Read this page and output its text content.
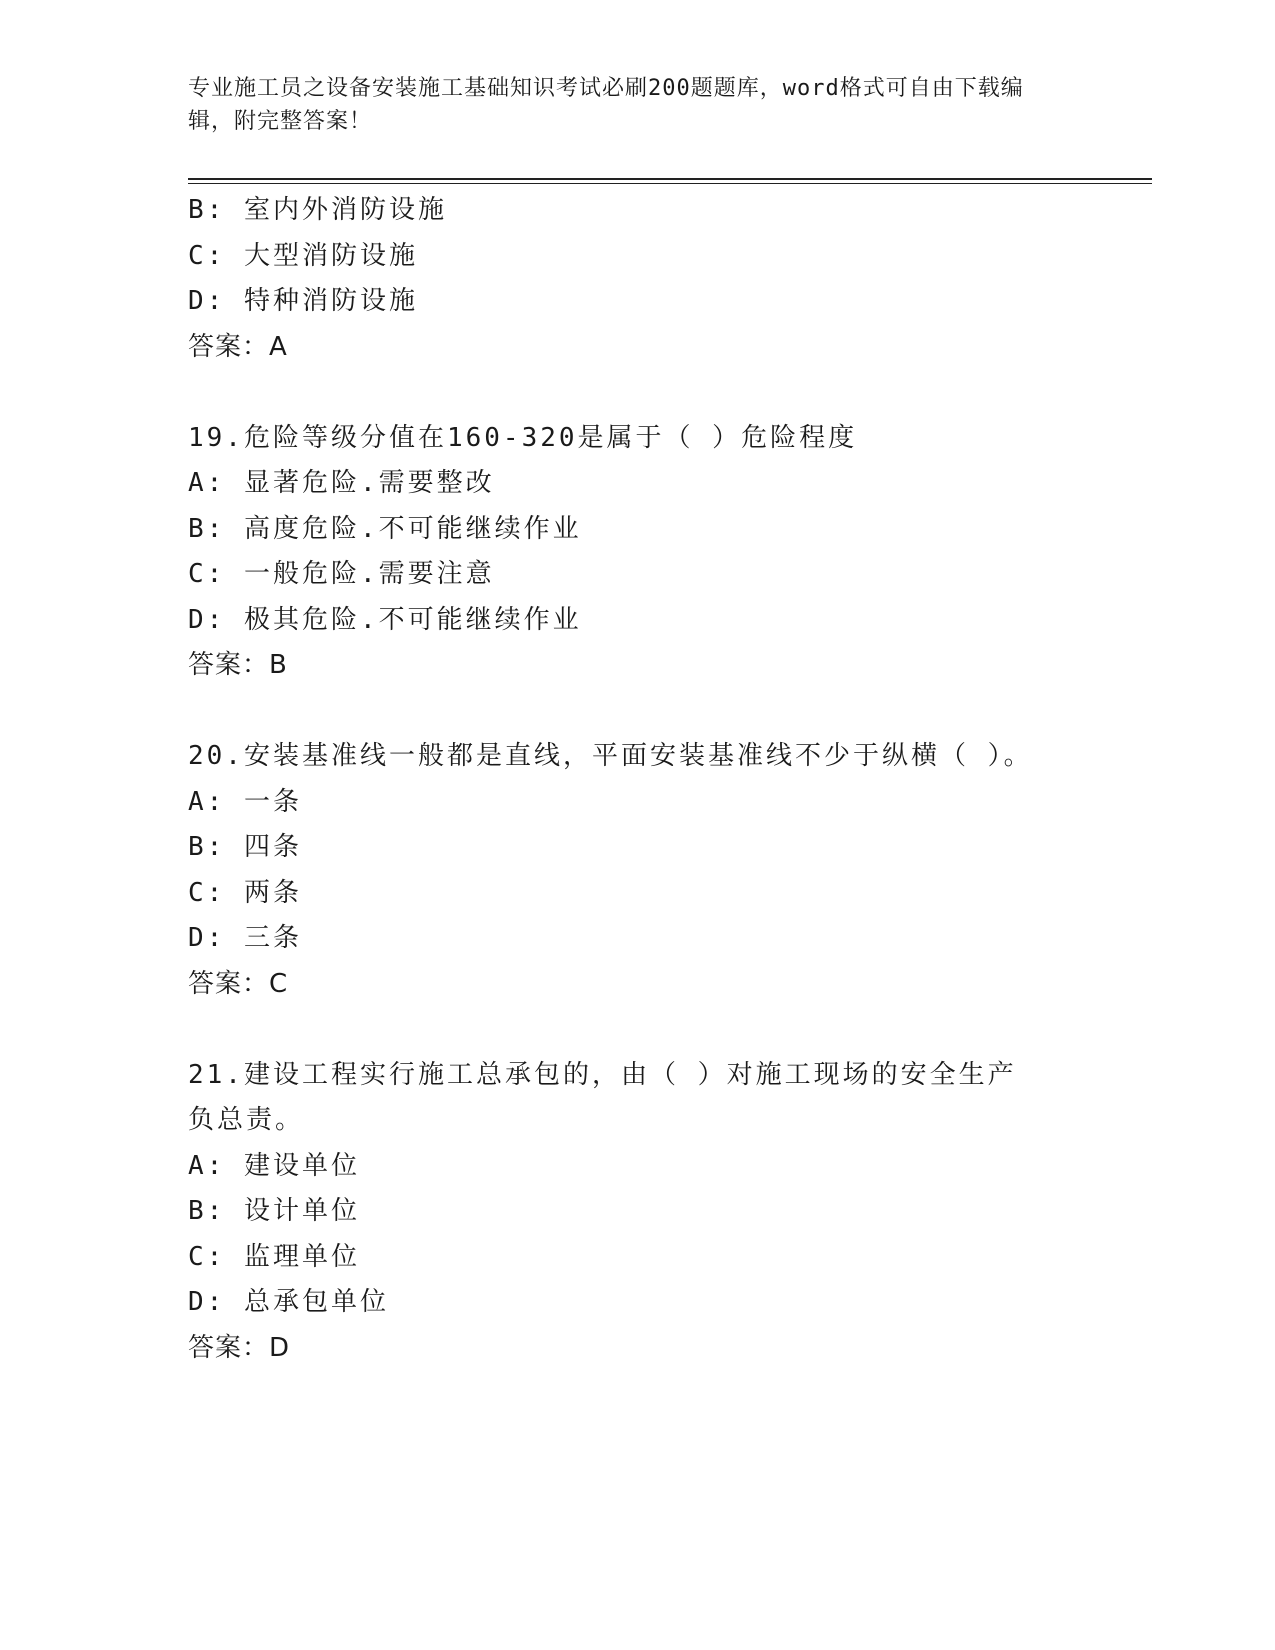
专业施工员之设备安装施工基础知识考试必刷200题题库，word格式可自由下载编辑，附完整答案！
B: 室内外消防设施
C: 大型消防设施
D: 特种消防设施
答案：A
19.危险等级分值在160-320是属于（ ）危险程度
A: 显著危险.需要整改
B: 高度危险.不可能继续作业
C: 一般危险.需要注意
D: 极其危险.不可能继续作业
答案：B
20.安装基准线一般都是直线，平面安装基准线不少于纵横（ ）。
A: 一条
B: 四条
C: 两条
D: 三条
答案：C
21.建设工程实行施工总承包的，由（ ）对施工现场的安全生产负总责。
A: 建设单位
B: 设计单位
C: 监理单位
D: 总承包单位
答案：D
